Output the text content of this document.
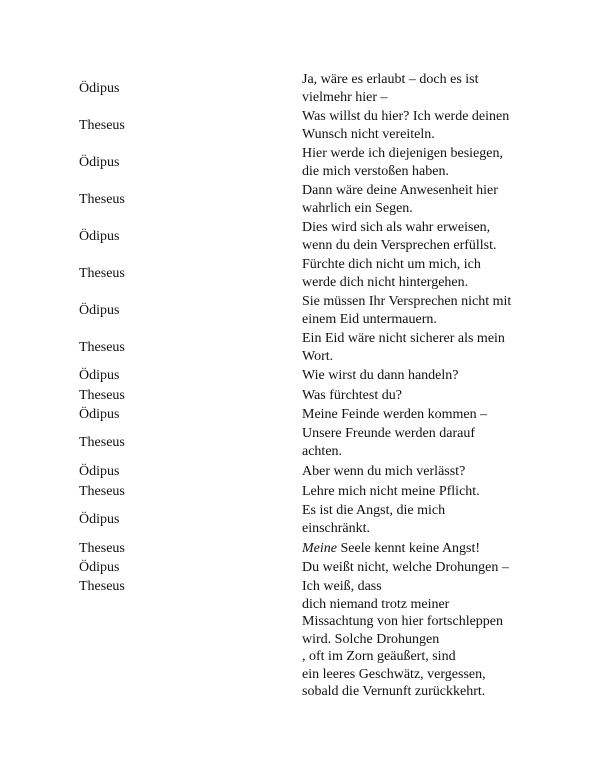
Ödipus
Ja, wäre es erlaubt – doch es ist
vielmehr hier –
Theseus
Was willst du hier? Ich werde deinen
Wunsch nicht vereiteln.
Ödipus
Hier werde ich diejenigen besiegen,
die mich verstoßen haben.
Theseus
Dann wäre deine Anwesenheit hier
wahrlich ein Segen.
Ödipus
Dies wird sich als wahr erweisen,
wenn du dein Versprechen erfüllst.
Theseus
Fürchte dich nicht um mich, ich
werde dich nicht hintergehen.
Ödipus
Sie müssen Ihr Versprechen nicht mit
einem Eid untermauern.
Theseus
Ein Eid wäre nicht sicherer als mein
Wort.
Ödipus	Wie wirst du dann handeln?
Theseus	Was fürchtest du?
Ödipus	Meine Feinde werden kommen –
Theseus
Unsere Freunde werden darauf
achten.
Ödipus	Aber wenn du mich verlässt?
Theseus	Lehre mich nicht meine Pflicht.
Ödipus
Es ist die Angst, die mich
einschränkt.
Theseus	Meine Seele kennt keine Angst!
Ödipus	Du weißt nicht, welche Drohungen –
Theseus	Ich weiß, dass
dich niemand trotz meiner
Missachtung von hier fortschleppen
wird. Solche Drohungen
, oft im Zorn geäußert, sind
ein leeres Geschwätz, vergessen,
sobald die Vernunft zurückkehrt.
